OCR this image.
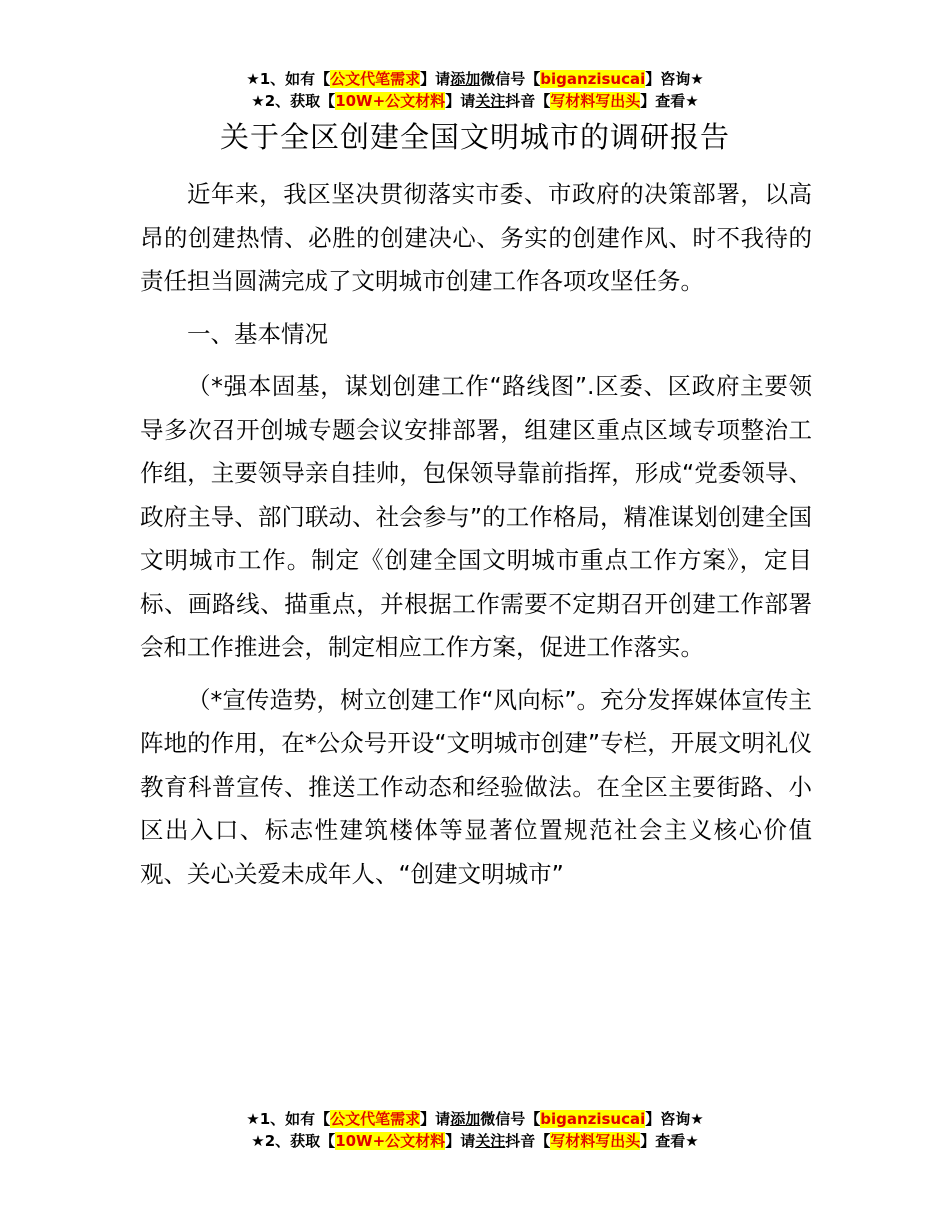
★1、如有【公文代笔需求】请添加微信号【biganzisucai】咨询★
★2、获取【10W+公文材料】请关注抖音【写材料写出头】查看★
关于全区创建全国文明城市的调研报告

近年来，我区坚决贯彻落实市委、市政府的决策部署，以高昂的创建热情、必胜的创建决心、务实的创建作风、时不我待的责任担当圆满完成了文明城市创建工作各项攻坚任务。

一、基本情况

（*强本固基，谋划创建工作“路线图”.区委、区政府主要领导多次召开创城专题会议安排部署，组建区重点区域专项整治工作组，主要领导亲自挂帅，包保领导靠前指挥，形成“党委领导、政府主导、部门联动、社会参与”的工作格局，精准谋划创建全国文明城市工作。制定《创建全国文明城市重点工作方案》，定目标、画路线、描重点，并根据工作需要不定期召开创建工作部署会和工作推进会，制定相应工作方案，促进工作落实。

（*宣传造势，树立创建工作“风向标”。充分发挥媒体宣传主阵地的作用，在*公众号开设“文明城市创建”专栏，开展文明礼仪教育科普宣传、推送工作动态和经验做法。在全区主要街路、小区出入口、标志性建筑楼体等显著位置规范社会主义核心价值观、关心关爱未成年人、“创建文明城市”

★1、如有【公文代笔需求】请添加微信号【biganzisucai】咨询★
★2、获取【10W+公文材料】请关注抖音【写材料写出头】查看★
